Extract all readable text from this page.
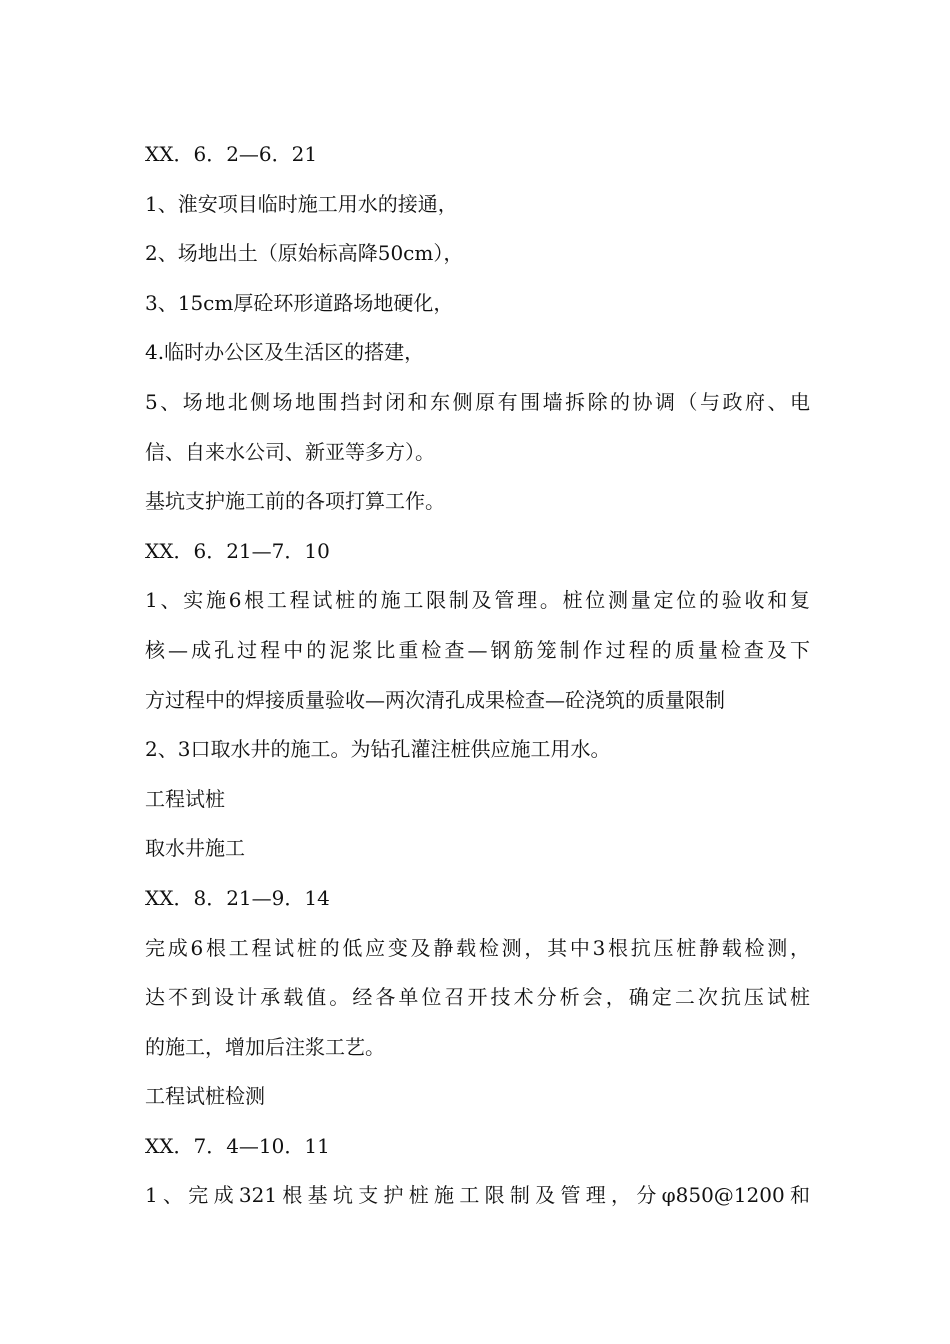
XX．6．2—6．21
1、淮安项目临时施工用水的接通，
2、场地出土（原始标高降50cm），
3、15cm厚砼环形道路场地硬化，
4.临时办公区及生活区的搭建，
5、场地北侧场地围挡封闭和东侧原有围墙拆除的协调（与政府、电
信、自来水公司、新亚等多方）。
基坑支护施工前的各项打算工作。
XX．6．21—7．10
1、实施6根工程试桩的施工限制及管理。桩位测量定位的验收和复
核—成孔过程中的泥浆比重检查—钢筋笼制作过程的质量检查及下
方过程中的焊接质量验收—两次清孔成果检查—砼浇筑的质量限制
2、3口取水井的施工。为钻孔灌注桩供应施工用水。
工程试桩
取水井施工
XX．8．21—9．14
完成6根工程试桩的低应变及静载检测，其中3根抗压桩静载检测，
达不到设计承载值。经各单位召开技术分析会，确定二次抗压试桩
的施工，增加后注浆工艺。
工程试桩检测
XX．7．4—10．11
1、完成321根基坑支护桩施工限制及管理，分φ850@1200和
